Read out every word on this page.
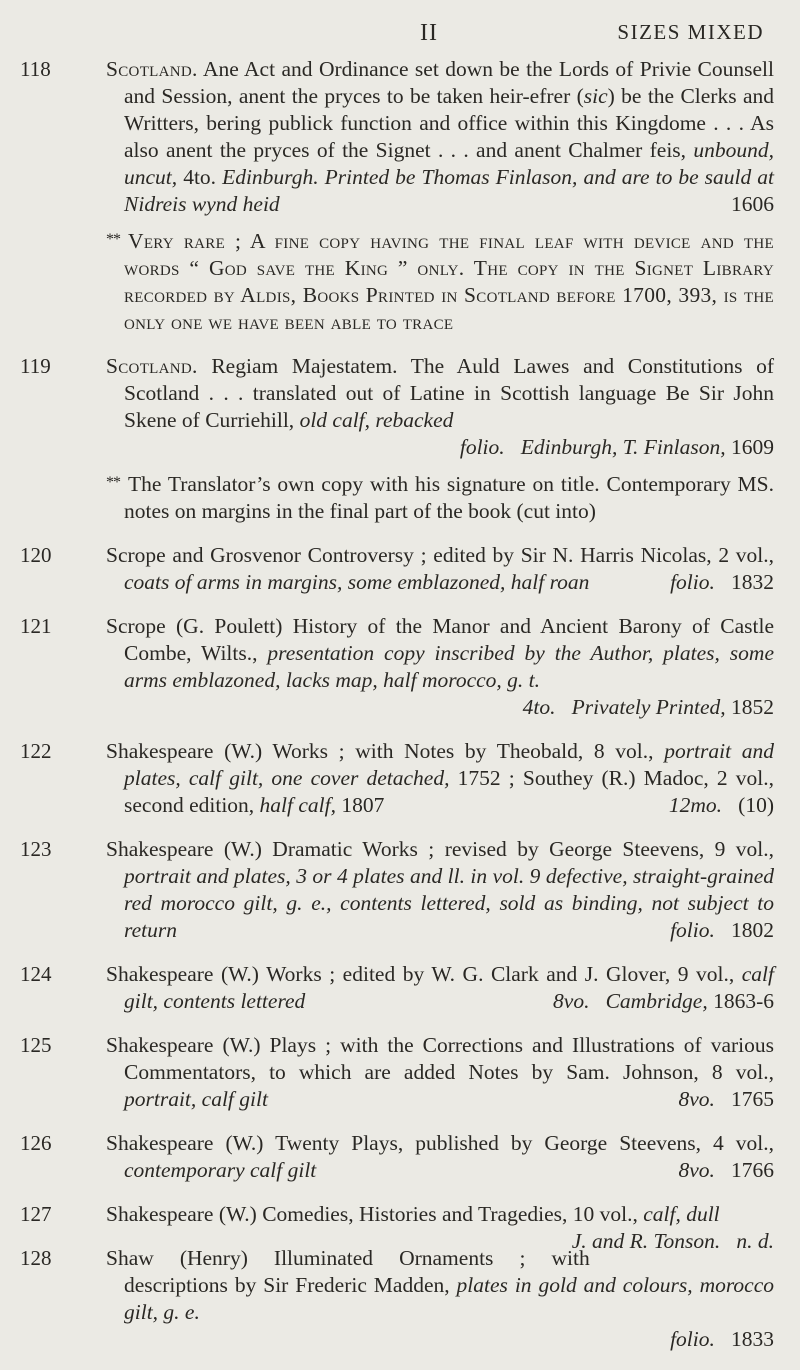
II	SIZES MIXED
118	Scotland. Ane Act and Ordinance set down be the Lords of Privie Counsell and Session, anent the pryces to be taken heir-efrer (sic) be the Clerks and Writters, bering publick function and office within this Kingdome . . . As also anent the pryces of the Signet . . . and anent Chalmer feis, unbound, uncut, 4to. Edinburgh. Printed be Thomas Finlason, and are to be sauld at Nidreis wynd heid	1606

** Very rare ; A fine copy having the final leaf with device and the words “ God save the King ” only. The copy in the Signet Library recorded by Aldis, Books Printed in Scotland before 1700, 393, is the only one we have been able to trace

119	Scotland. Regiam Majestatem. The Auld Lawes and Constitutions of Scotland . . . translated out of Latine in Scottish language Be Sir John Skene of Curriehill, old calf, rebacked

folio. Edinburgh, T. Finlason, 1609

** The Translator’s own copy with his signature on title. Contemporary MS. notes on margins in the final part of the book (cut into)

120	Scrope and Grosvenor Controversy ; edited by Sir N. Harris Nicolas, 2 vol., coats of arms in margins, some emblazoned, half roan	folio. 1832

121	Scrope (G. Poulett) History of the Manor and Ancient Barony of Castle Combe, Wilts., presentation copy inscribed by the Author, plates, some arms emblazoned, lacks map, half morocco, g. t.

4to. Privately Printed, 1852

122	Shakespeare (W.) Works ; with Notes by Theobald, 8 vol., portrait and plates, calf gilt, one cover detached, 1752 ; Southey (R.) Madoc, 2 vol., second edition, half calf, 1807	12mo. (10)

123	Shakespeare (W.) Dramatic Works ; revised by George Steevens, 9 vol., portrait and plates, 3 or 4 plates and ll. in vol. 9 defective, straight-grained red morocco gilt, g. e., contents lettered, sold as binding, not subject to return	folio. 1802

124	Shakespeare (W.) Works ; edited by W. G. Clark and J. Glover, 9 vol., calf gilt, contents lettered	8vo. Cambridge, 1863-6

125	Shakespeare (W.) Plays ; with the Corrections and Illustrations of various Commentators, to which are added Notes by Sam. Johnson, 8 vol., portrait, calf gilt	8vo. 1765

126	Shakespeare (W.) Twenty Plays, published by George Steevens, 4 vol., contemporary calf gilt	8vo. 1766

127	Shakespeare (W.) Comedies, Histories and Tragedies, 10 vol., calf, dull
J. and R. Tonson. n. d.

128	Shaw (Henry) Illuminated Ornaments ; with descriptions by Sir Frederic Madden, plates in gold and colours, morocco gilt, g. e.

folio. 1833
